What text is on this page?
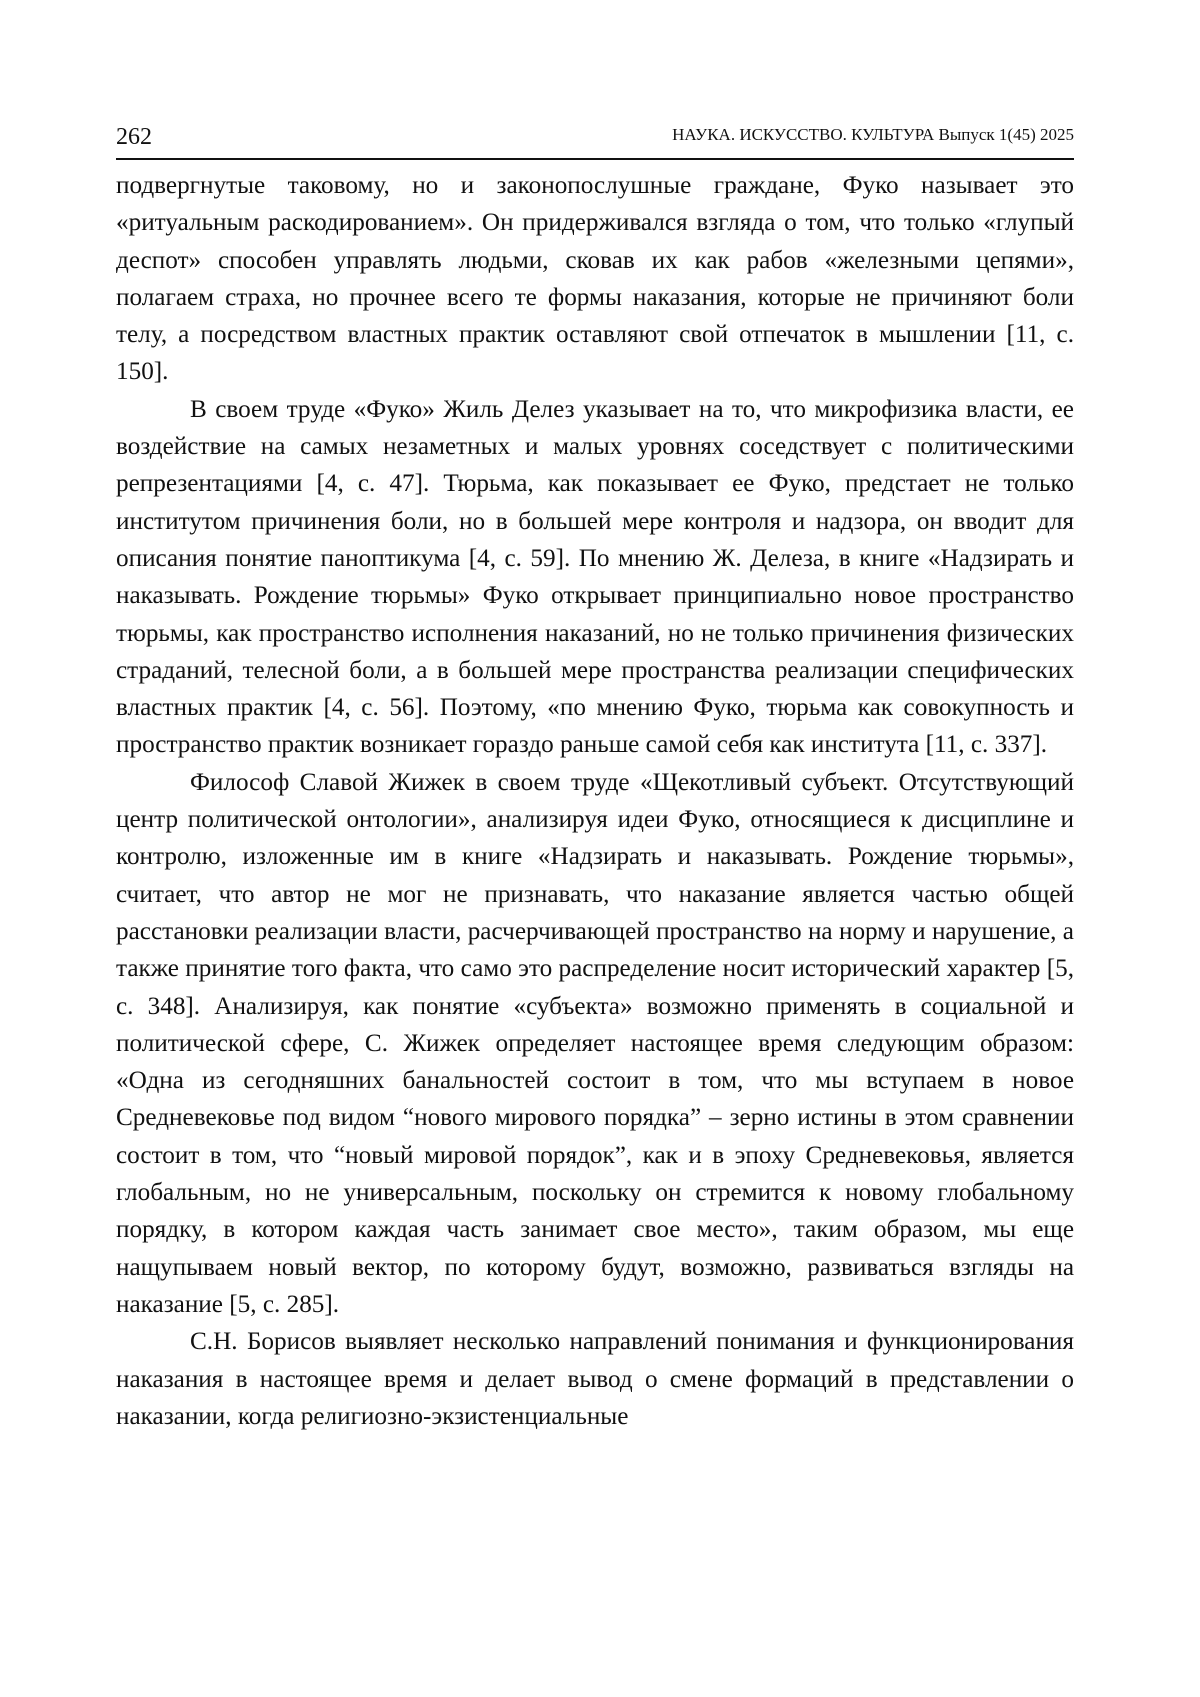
262	НАУКА. ИСКУССТВО. КУЛЬТУРА Выпуск 1(45) 2025

подвергнутые таковому, но и законопослушные граждане, Фуко называет это «ритуальным раскодированием». Он придерживался взгляда о том, что только «глупый деспот» способен управлять людьми, сковав их как рабов «железными цепями», полагаем страха, но прочнее всего те формы наказания, которые не причиняют боли телу, а посредством властных практик оставляют свой отпечаток в мышлении [11, с. 150].

В своем труде «Фуко» Жиль Делез указывает на то, что микрофизика власти, ее воздействие на самых незаметных и малых уровнях соседствует с политическими репрезентациями [4, с. 47]. Тюрьма, как показывает ее Фуко, предстает не только институтом причинения боли, но в большей мере контроля и надзора, он вводит для описания понятие паноптикума [4, с. 59]. По мнению Ж. Делеза, в книге «Надзирать и наказывать. Рождение тюрьмы» Фуко открывает принципиально новое пространство тюрьмы, как пространство исполнения наказаний, но не только причинения физических страданий, телесной боли, а в большей мере пространства реализации специфических властных практик [4, с. 56]. Поэтому, «по мнению Фуко, тюрьма как совокупность и пространство практик возникает гораздо раньше самой себя как института [11, с. 337].

Философ Славой Жижек в своем труде «Щекотливый субъект. Отсутствующий центр политической онтологии», анализируя идеи Фуко, относящиеся к дисциплине и контролю, изложенные им в книге «Надзирать и наказывать. Рождение тюрьмы», считает, что автор не мог не признавать, что наказание является частью общей расстановки реализации власти, расчерчивающей пространство на норму и нарушение, а также принятие того факта, что само это распределение носит исторический характер [5, с. 348]. Анализируя, как понятие «субъекта» возможно применять в социальной и политической сфере, С. Жижек определяет настоящее время следующим образом: «Одна из сегодняшних банальностей состоит в том, что мы вступаем в новое Средневековье под видом “нового мирового порядка” – зерно истины в этом сравнении состоит в том, что “новый мировой порядок”, как и в эпоху Средневековья, является глобальным, но не универсальным, поскольку он стремится к новому глобальному порядку, в котором каждая часть занимает свое место», таким образом, мы еще нащупываем новый вектор, по которому будут, возможно, развиваться взгляды на наказание [5, с. 285].

С.Н. Борисов выявляет несколько направлений понимания и функционирования наказания в настоящее время и делает вывод о смене формаций в представлении о наказании, когда религиозно-экзистенциальные
